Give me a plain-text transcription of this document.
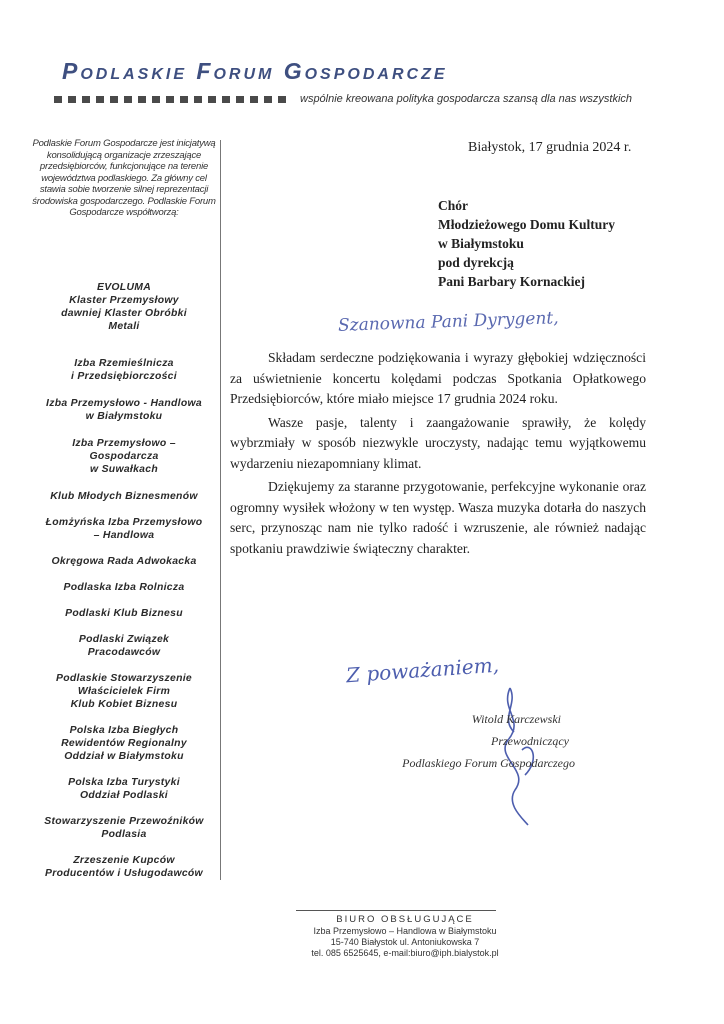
Podlaskie Forum Gospodarcze
wspólnie kreowana polityka gospodarcza szansą dla nas wszystkich
Podlaskie Forum Gospodarcze jest inicjatywą konsolidującą organizacje zrzeszające przedsiębiorców, funkcjonujące na terenie województwa podlaskiego. Za główny cel stawia sobie tworzenie silnej reprezentacji środowiska gospodarczego. Podlaskie Forum Gospodarcze współtworzą:
EVOLUMA
Klaster Przemysłowy
dawniej Klaster Obróbki
Metali
Izba Rzemieślnicza
i Przedsiębiorczości
Izba Przemysłowo - Handlowa
w Białymstoku
Izba Przemysłowo –
Gospodarcza
w Suwałkach
Klub Młodych Biznesmenów
Łomżyńska Izba Przemysłowo
– Handlowa
Okręgowa Rada Adwokacka
Podlaska Izba Rolnicza
Podlaski Klub Biznesu
Podlaski Związek
Pracodawców
Podlaskie Stowarzyszenie
Właścicielek Firm
Klub Kobiet Biznesu
Polska Izba Biegłych
Rewidentów Regionalny
Oddział w Białymstoku
Polska Izba Turystyki
Oddział Podlaski
Stowarzyszenie Przewoźników
Podlasia
Zrzeszenie Kupców
Producentów i Usługodawców
Białystok, 17 grudnia 2024 r.
Chór
Młodzieżowego Domu Kultury
w Białymstoku
pod dyrekcją
Pani Barbary Kornackiej
Szanowna Pani Dyrygent,

Składam serdeczne podziękowania i wyrazy głębokiej wdzięczności za uświetnienie koncertu kolędami podczas Spotkania Opłatkowego Przedsiębiorców, które miało miejsce 17 grudnia 2024 roku.

Wasze pasje, talenty i zaangażowanie sprawiły, że kolędy wybrzmiały w sposób niezwykle uroczysty, nadając temu wyjątkowemu wydarzeniu niezapomniany klimat.

Dziękujemy za staranne przygotowanie, perfekcyjne wykonanie oraz ogromny wysiłek włożony w ten występ. Wasza muzyka dotarła do naszych serc, przynosząc nam nie tylko radość i wzruszenie, ale również nadając spotkaniu prawdziwie świąteczny charakter.

Z poważaniem,
Witold Karczewski
Przewodniczący
Podlaskiego Forum Gospodarczego
BIURO OBSŁUGUJĄCE
Izba Przemysłowo – Handlowa w Białymstoku
15-740 Białystok ul. Antoniukowska 7
tel. 085 6525645, e-mail:biuro@iph.bialystok.pl
